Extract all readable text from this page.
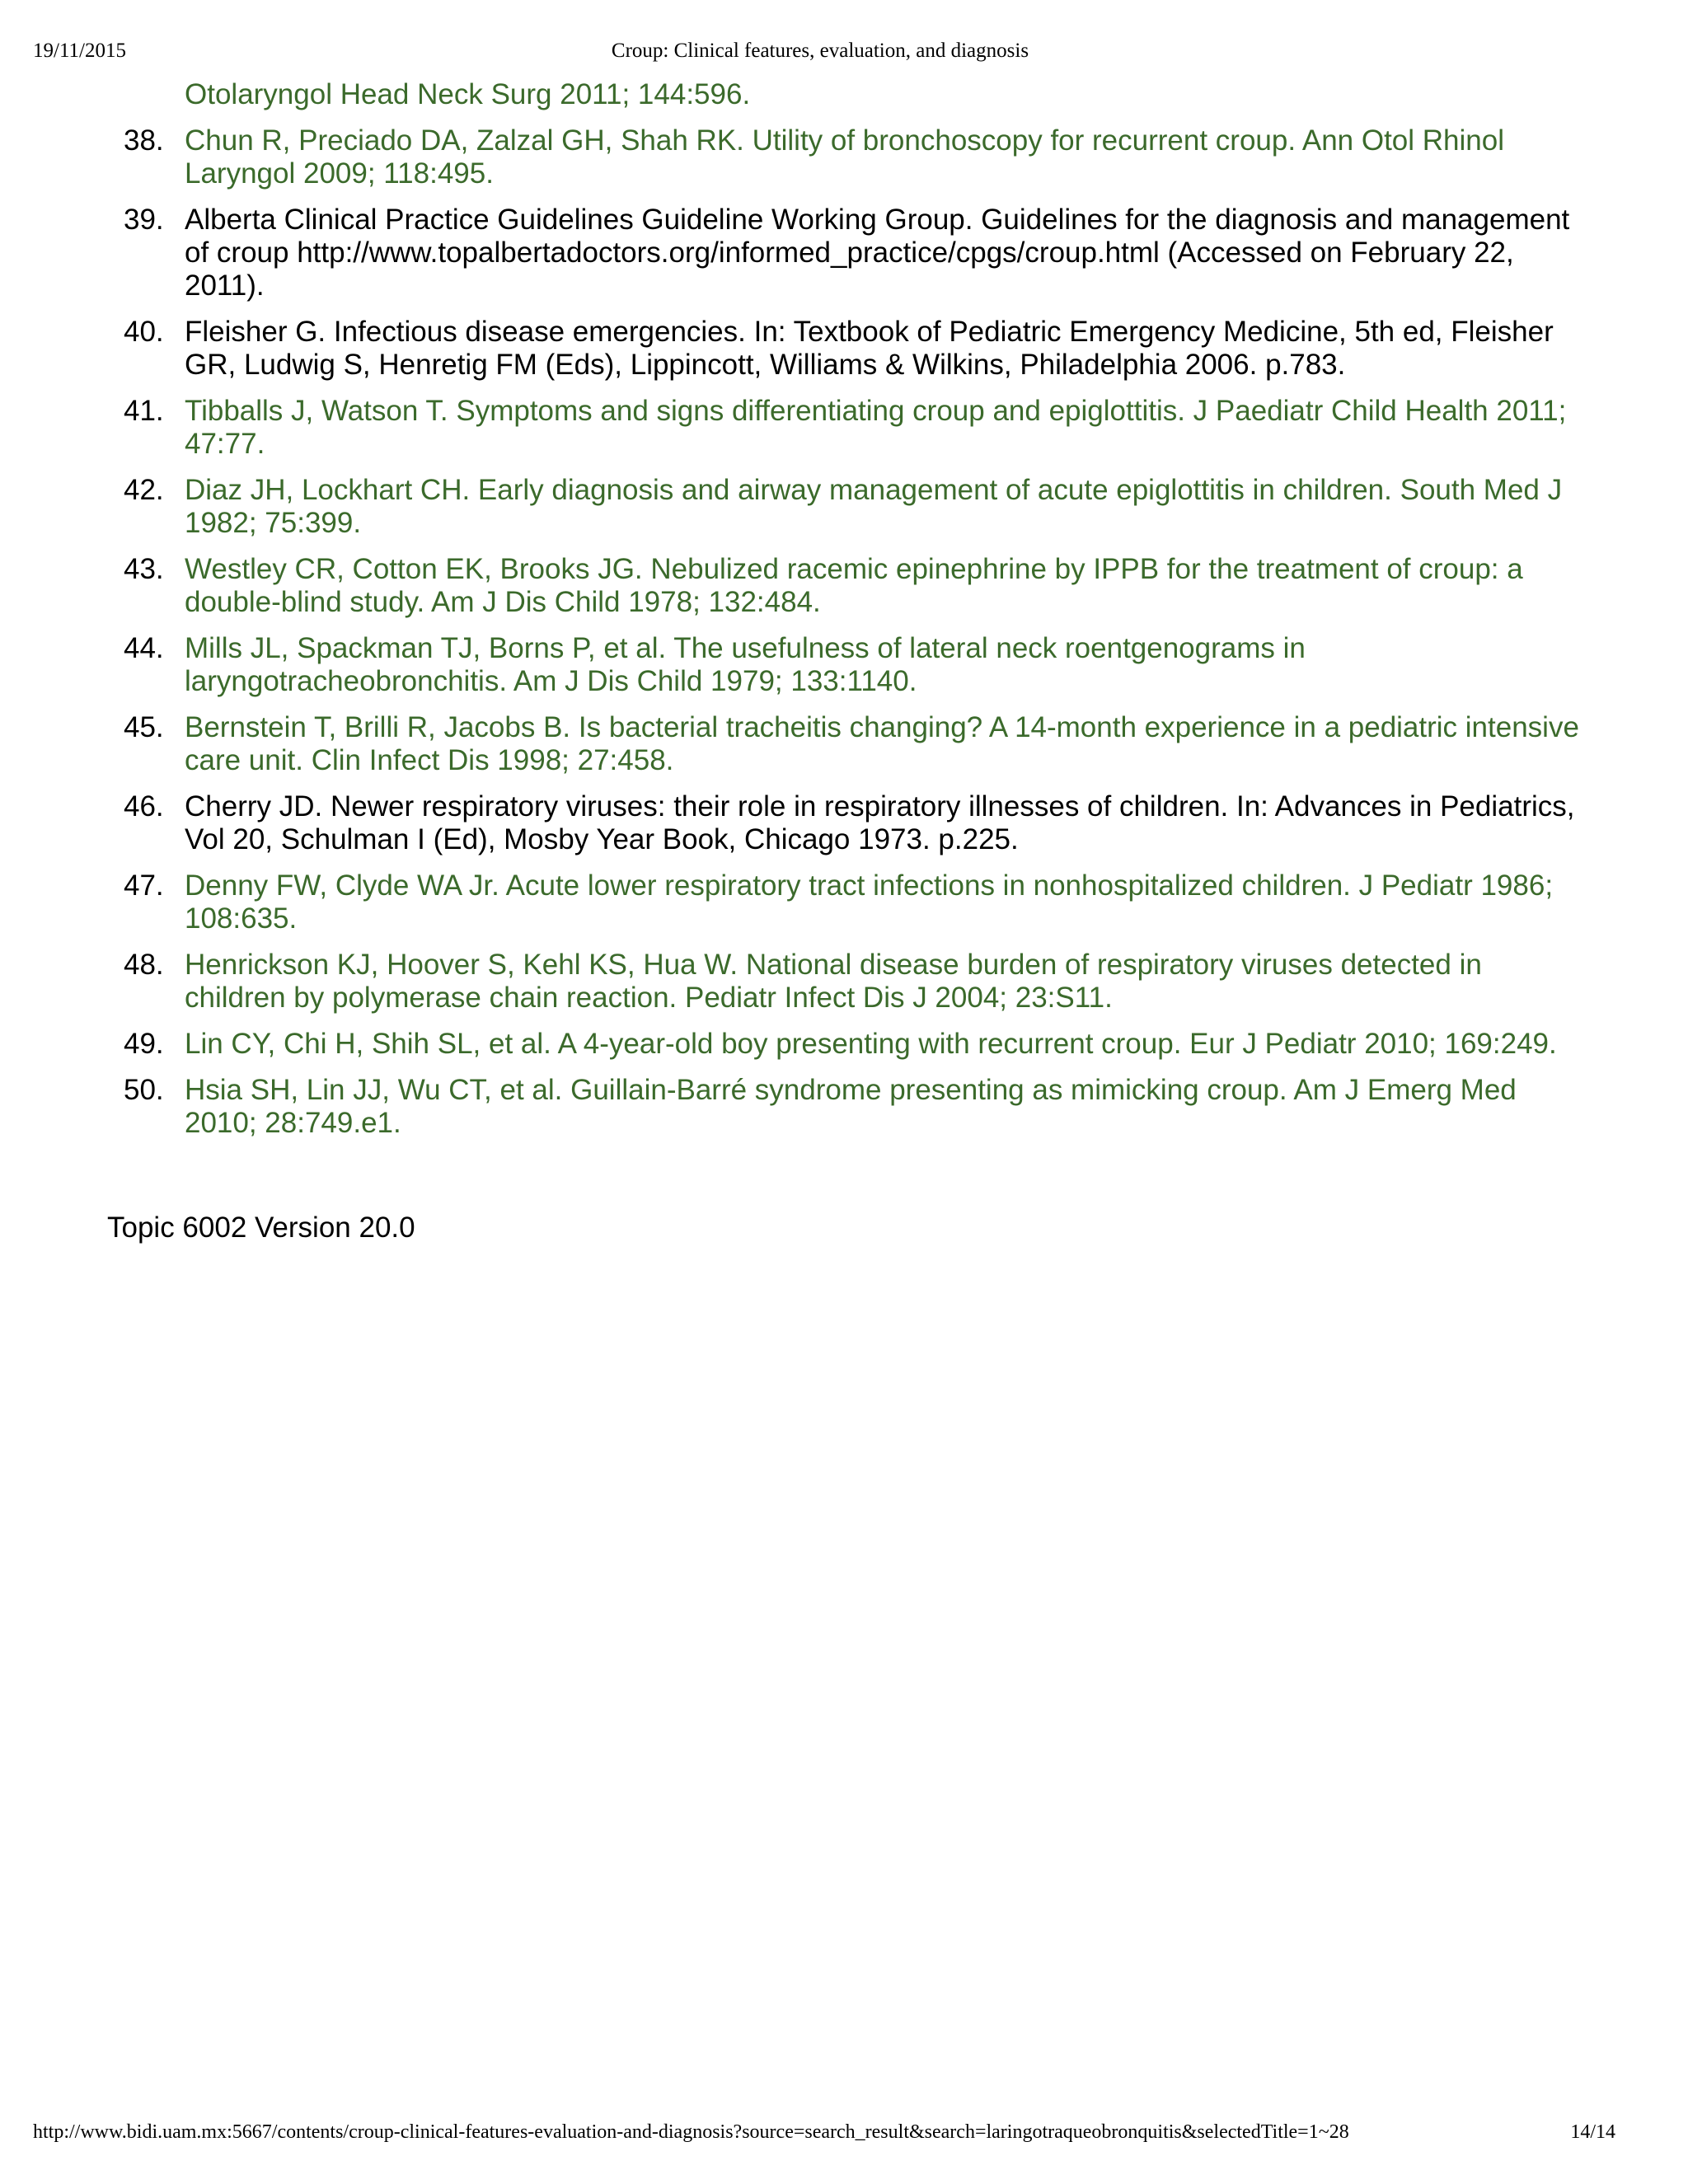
19/11/2015	Croup: Clinical features, evaluation, and diagnosis
Otolaryngol Head Neck Surg 2011; 144:596.
38. Chun R, Preciado DA, Zalzal GH, Shah RK. Utility of bronchoscopy for recurrent croup. Ann Otol Rhinol Laryngol 2009; 118:495.
39. Alberta Clinical Practice Guidelines Guideline Working Group. Guidelines for the diagnosis and management of croup http://www.topalbertadoctors.org/informed_practice/cpgs/croup.html (Accessed on February 22, 2011).
40. Fleisher G. Infectious disease emergencies. In: Textbook of Pediatric Emergency Medicine, 5th ed, Fleisher GR, Ludwig S, Henretig FM (Eds), Lippincott, Williams & Wilkins, Philadelphia 2006. p.783.
41. Tibballs J, Watson T. Symptoms and signs differentiating croup and epiglottitis. J Paediatr Child Health 2011; 47:77.
42. Diaz JH, Lockhart CH. Early diagnosis and airway management of acute epiglottitis in children. South Med J 1982; 75:399.
43. Westley CR, Cotton EK, Brooks JG. Nebulized racemic epinephrine by IPPB for the treatment of croup: a double-blind study. Am J Dis Child 1978; 132:484.
44. Mills JL, Spackman TJ, Borns P, et al. The usefulness of lateral neck roentgenograms in laryngotracheobronchitis. Am J Dis Child 1979; 133:1140.
45. Bernstein T, Brilli R, Jacobs B. Is bacterial tracheitis changing? A 14-month experience in a pediatric intensive care unit. Clin Infect Dis 1998; 27:458.
46. Cherry JD. Newer respiratory viruses: their role in respiratory illnesses of children. In: Advances in Pediatrics, Vol 20, Schulman I (Ed), Mosby Year Book, Chicago 1973. p.225.
47. Denny FW, Clyde WA Jr. Acute lower respiratory tract infections in nonhospitalized children. J Pediatr 1986; 108:635.
48. Henrickson KJ, Hoover S, Kehl KS, Hua W. National disease burden of respiratory viruses detected in children by polymerase chain reaction. Pediatr Infect Dis J 2004; 23:S11.
49. Lin CY, Chi H, Shih SL, et al. A 4-year-old boy presenting with recurrent croup. Eur J Pediatr 2010; 169:249.
50. Hsia SH, Lin JJ, Wu CT, et al. Guillain-Barré syndrome presenting as mimicking croup. Am J Emerg Med 2010; 28:749.e1.
Topic 6002 Version 20.0
http://www.bidi.uam.mx:5667/contents/croup-clinical-features-evaluation-and-diagnosis?source=search_result&search=laringotraqueobronquitis&selectedTitle=1~28	14/14
